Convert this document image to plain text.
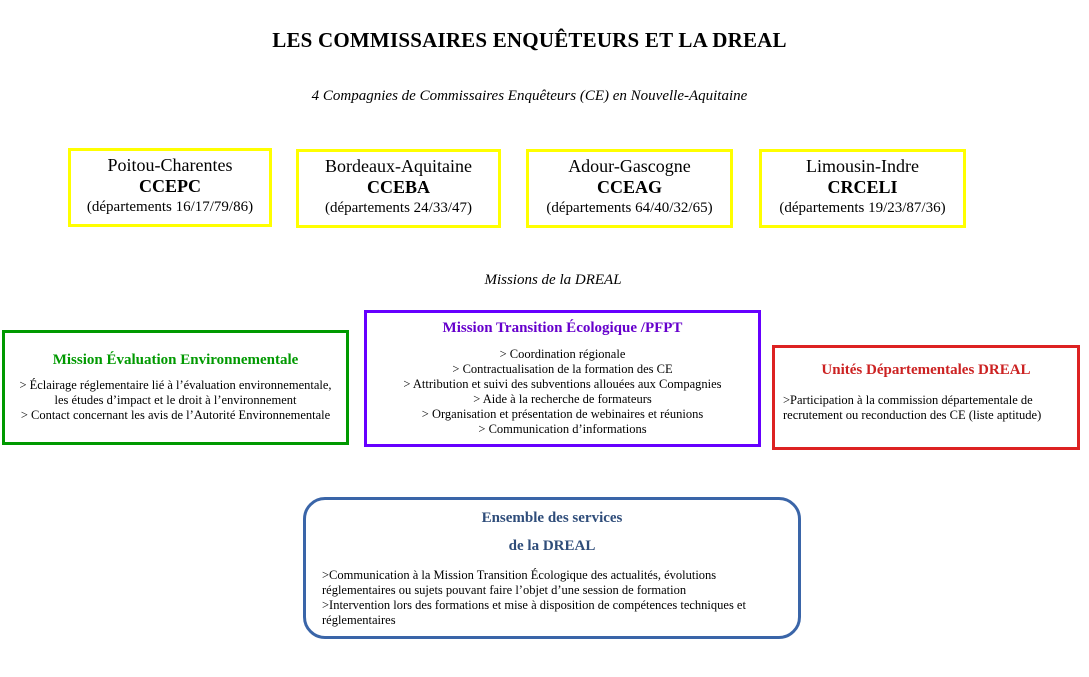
LES COMMISSAIRES ENQUÊTEURS ET LA DREAL
4 Compagnies de Commissaires Enquêteurs (CE) en Nouvelle-Aquitaine
Poitou-Charentes
CCEPC
(départements 16/17/79/86)
Bordeaux-Aquitaine
CCEBA
(départements 24/33/47)
Adour-Gascogne
CCEAG
(départements 64/40/32/65)
Limousin-Indre
CRCELI
(départements 19/23/87/36)
Missions de la DREAL
Mission Évaluation Environnementale
> Éclairage réglementaire lié à l’évaluation environnementale,
les études d’impact et le droit à l’environnement
> Contact concernant les avis de l’Autorité Environnementale
Mission Transition Écologique /PFPT
> Coordination régionale
> Contractualisation de la formation des CE
> Attribution et suivi des subventions allouées aux Compagnies
> Aide à la recherche de formateurs
> Organisation et présentation de webinaires et réunions
> Communication d’informations
Unités Départementales DREAL
>Participation à la commission départementale de
recrutement ou reconduction des CE (liste aptitude)
Ensemble des services
de la DREAL
>Communication à la Mission Transition Écologique des actualités, évolutions
réglementaires ou sujets pouvant faire l’objet d’une session de formation
>Intervention lors des formations et mise à disposition de compétences techniques et
réglementaires
